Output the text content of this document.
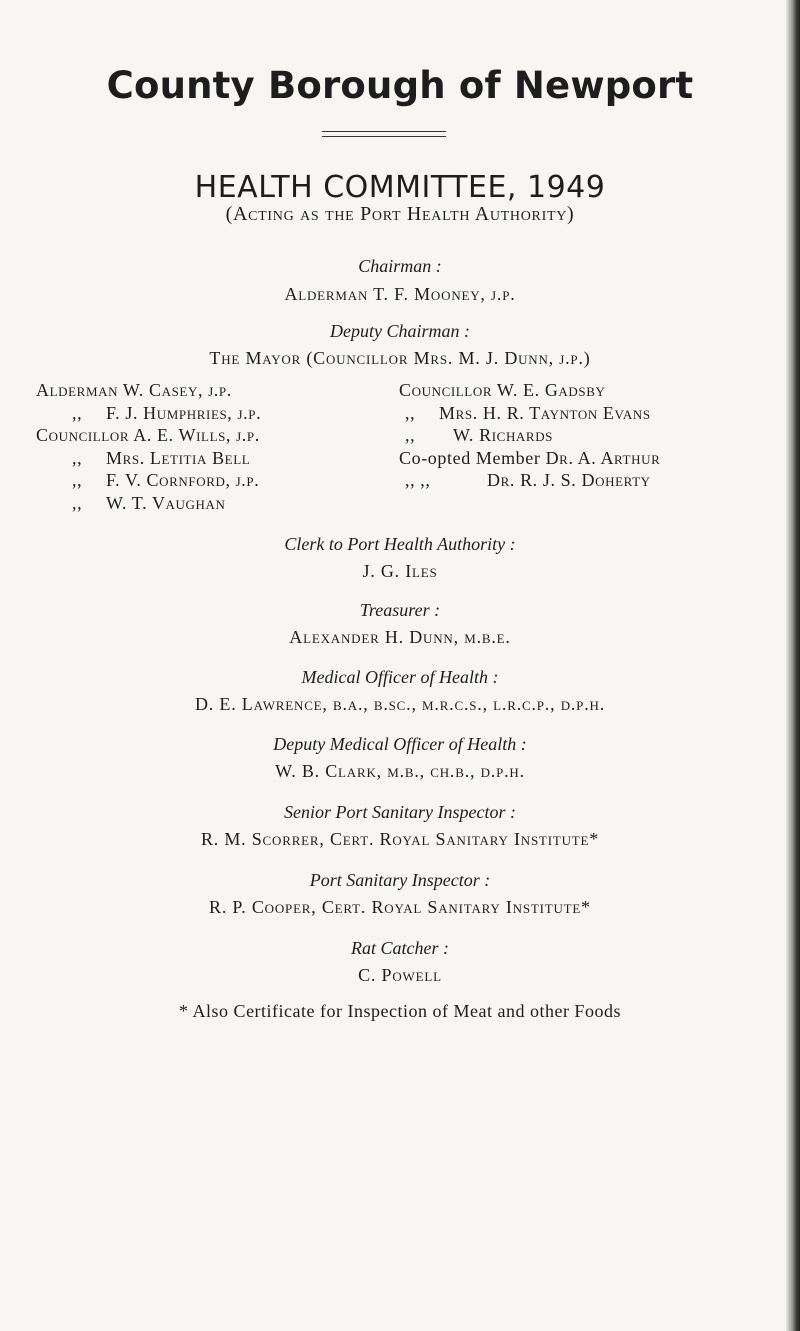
County Borough of Newport
HEALTH COMMITTEE, 1949
(Acting as the Port Health Authority)
Chairman :
Alderman T. F. Mooney, j.p.
Deputy Chairman :
The Mayor (Councillor Mrs. M. J. Dunn, j.p.)
Alderman W. Casey, j.p.
,, F. J. Humphries, j.p.
Councillor A. E. Wills, j.p.
,, Mrs. Letitia Bell
,, F. V. Cornford, j.p.
,, W. T. Vaughan
Councillor W. E. Gadsby
,, Mrs. H. R. Taynton Evans
,, W. Richards
Co-opted Member Dr. A. Arthur
,, ,,	Dr. R. J. S. Doherty
Clerk to Port Health Authority :
J. G. Iles
Treasurer :
Alexander H. Dunn, m.b.e.
Medical Officer of Health :
D. E. Lawrence, b.a., b.sc., m.r.c.s., l.r.c.p., d.p.h.
Deputy Medical Officer of Health :
W. B. Clark, m.b., ch.b., d.p.h.
Senior Port Sanitary Inspector :
R. M. Scorrer, Cert. Royal Sanitary Institute*
Port Sanitary Inspector :
R. P. Cooper, Cert. Royal Sanitary Institute*
Rat Catcher :
C. Powell
* Also Certificate for Inspection of Meat and other Foods
